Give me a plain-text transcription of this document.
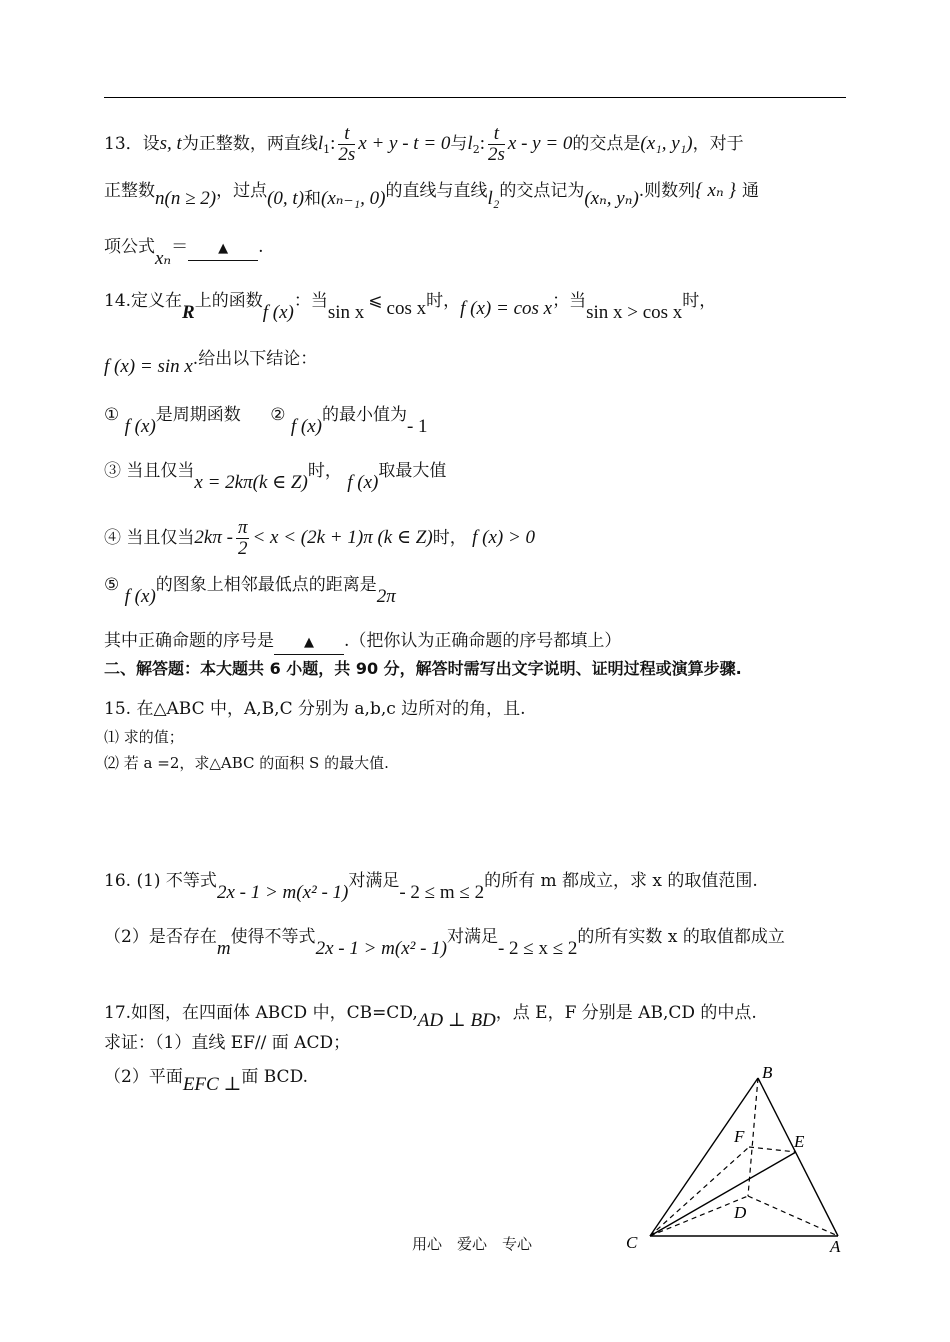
13．设s, t为正整数，两直线$l_1$: $\frac{t}{2s}$ x + y - t = 0与$l_2$: $\frac{t}{2s}$ x - y = 0的交点是(x₁, y₁)，对于
正整数n(n ≥ 2)，过点(0, t)和(xₙ₋₁, 0)的直线与直线l₂的交点记为(xₙ, yₙ).则数列{ xₙ } 通
项公式xₙ＝ ▲ .
14.定义在R上的函数f (x)：当sin x⩽ cos x时，f (x) = cos x；当sin x > cos x时，
f (x) = sin x.给出以下结论：
① f (x)是周期函数 ② f (x)的最小值为- 1
③ 当且仅当x = 2kπ(k ∈ Z)时， f (x)取最大值
④ 当且仅当$2k\pi - \frac{\pi}{2} < x < (2k + 1)\pi$ (k ∈ Z)时， f (x) > 0
⑤ f (x)的图象上相邻最低点的距离是2π
其中正确命题的序号是 ▲ .（把你认为正确命题的序号都填上）
二、解答题：本大题共 6 小题，共 90 分，解答时需写出文字说明、证明过程或演算步骤.
15. 在△ABC 中，A,B,C 分别为 a,b,c 边所对的角，且.
⑴ 求的值；
⑵ 若 a =2，求△ABC 的面积 S 的最大值.
16. (1) 不等式2x - 1 > m(x² - 1)对满足- 2 ≤ m ≤ 2的所有 m 都成立，求 x 的取值范围.
（2）是否存在m使得不等式2x - 1 > m(x² - 1)对满足- 2 ≤ x ≤ 2的所有实数 x 的取值都成立
17.如图，在四面体 ABCD 中，CB=CD,AD ⊥ BD，点 E，F 分别是 AB,CD 的中点.
求证：（1）直线 EF// 面 ACD；
（2）平面EFC ⊥面 BCD.	B
E
F
D
C	A
用心　爱心　专心
